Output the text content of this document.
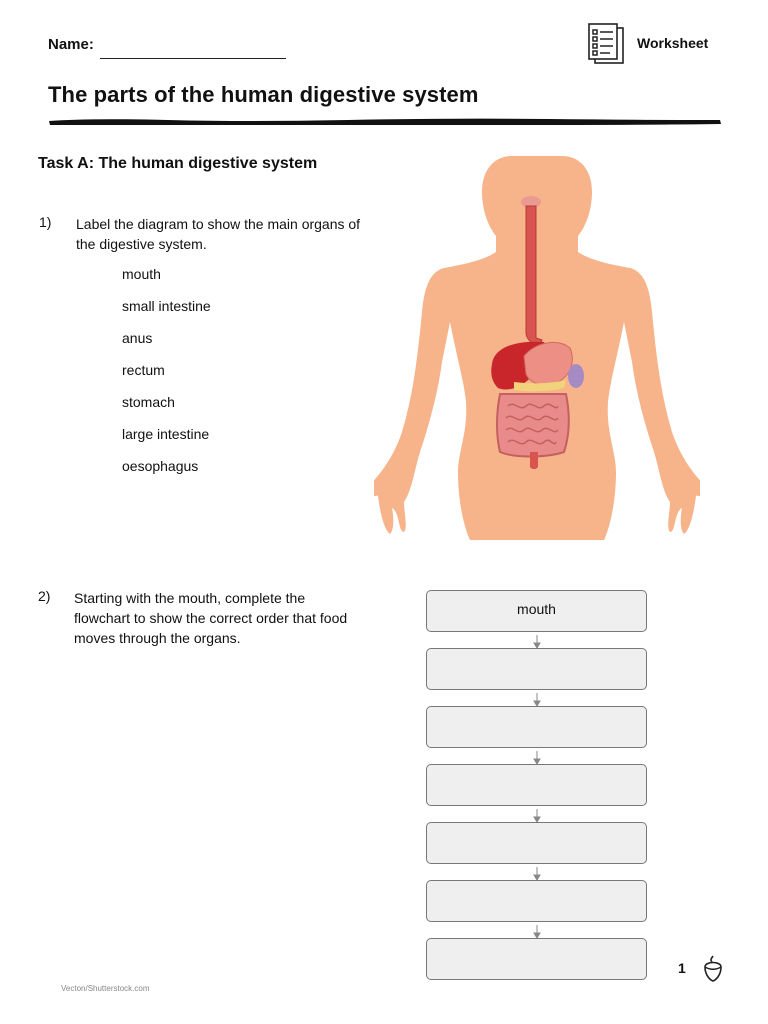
Name:	Worksheet
The parts of the human digestive system
Task A: The human digestive system
1) Label the diagram to show the main organs of the digestive system.
mouth
small intestine
anus
rectum
stomach
large intestine
oesophagus
2) Starting with the mouth, complete the flowchart to show the correct order that food moves through the organs.
mouth
Vecton/Shutterstock.com
1
